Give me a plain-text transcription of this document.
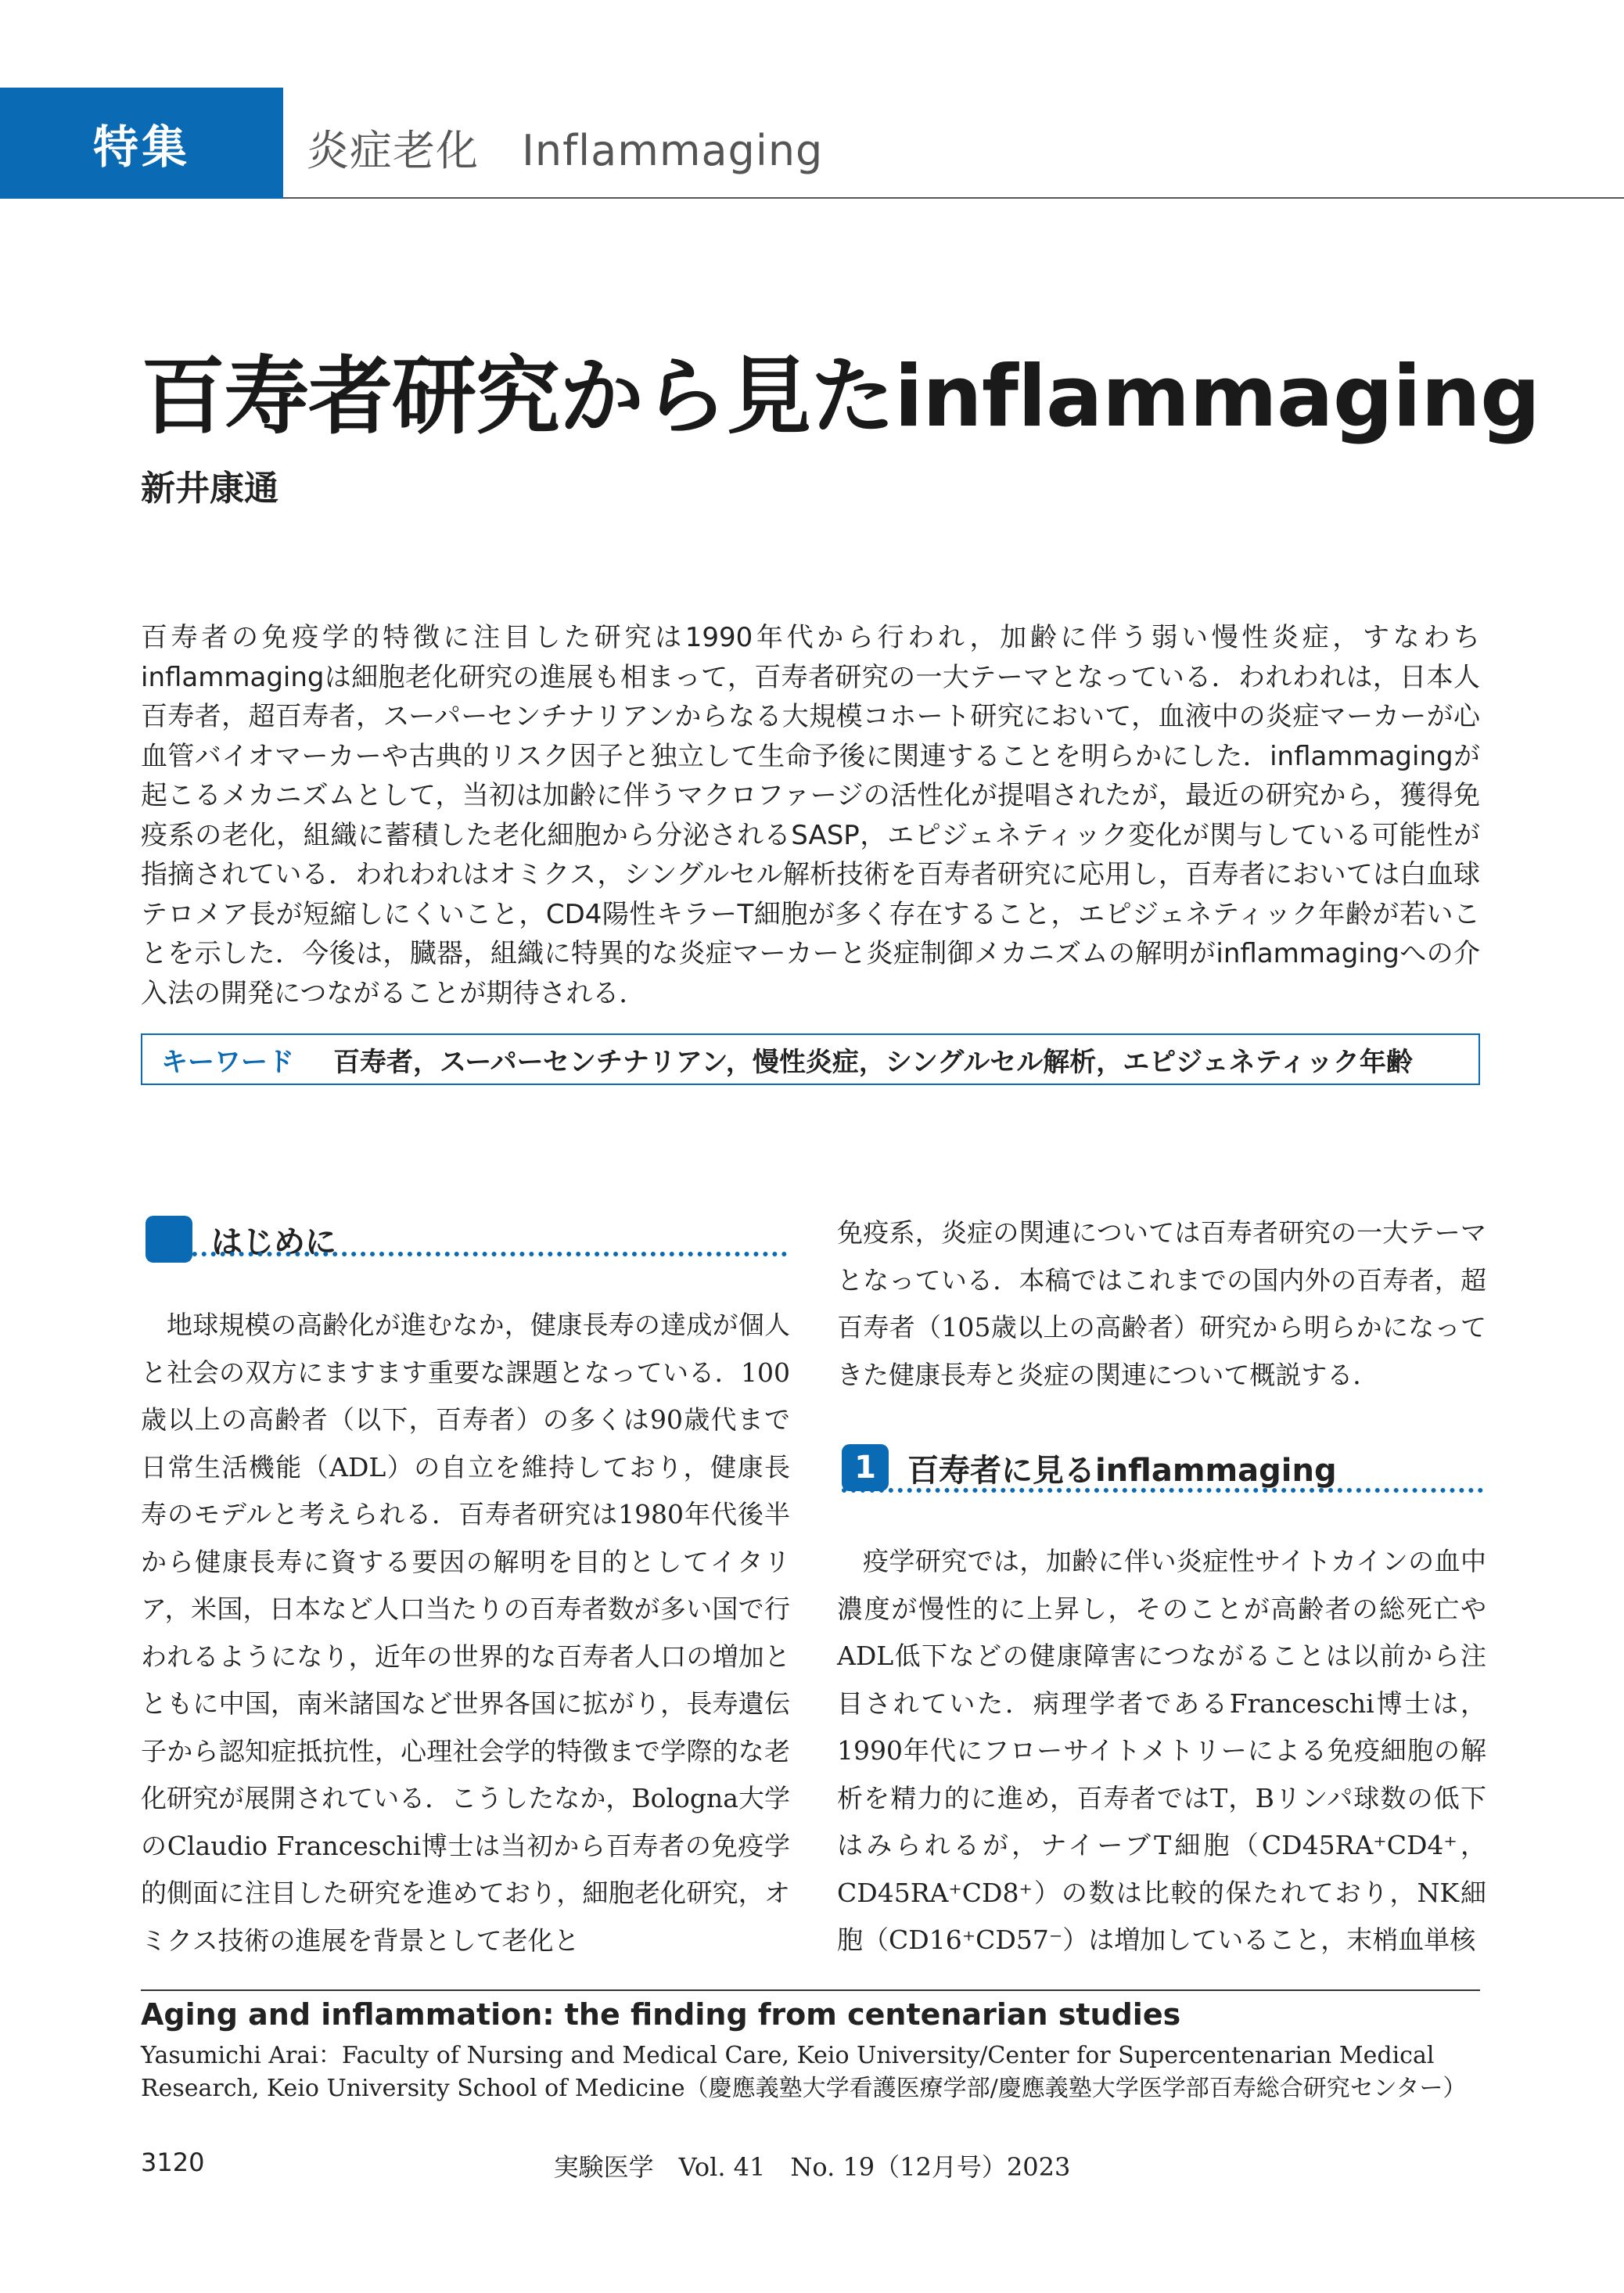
特集	炎症老化　Inflammaging
百寿者研究から見たinflammaging
新井康通
百寿者の免疫学的特徴に注目した研究は1990年代から行われ，加齢に伴う弱い慢性炎症，すなわちinflammagingは細胞老化研究の進展も相まって，百寿者研究の一大テーマとなっている．われわれは，日本人百寿者，超百寿者，スーパーセンチナリアンからなる大規模コホート研究において，血液中の炎症マーカーが心血管バイオマーカーや古典的リスク因子と独立して生命予後に関連することを明らかにした．inflammagingが起こるメカニズムとして，当初は加齢に伴うマクロファージの活性化が提唱されたが，最近の研究から，獲得免疫系の老化，組織に蓄積した老化細胞から分泌されるSASP，エピジェネティック変化が関与している可能性が指摘されている．われわれはオミクス，シングルセル解析技術を百寿者研究に応用し，百寿者においては白血球テロメア長が短縮しにくいこと，CD4陽性キラーT細胞が多く存在すること，エピジェネティック年齢が若いことを示した．今後は，臓器，組織に特異的な炎症マーカーと炎症制御メカニズムの解明がinflammagingへの介入法の開発につながることが期待される．
キーワード	百寿者，スーパーセンチナリアン，慢性炎症，シングルセル解析，エピジェネティック年齢
はじめに

地球規模の高齢化が進むなか，健康長寿の達成が個人と社会の双方にますます重要な課題となっている．100歳以上の高齢者（以下，百寿者）の多くは90歳代まで日常生活機能（ADL）の自立を維持しており，健康長寿のモデルと考えられる．百寿者研究は1980年代後半から健康長寿に資する要因の解明を目的としてイタリア，米国，日本など人口当たりの百寿者数が多い国で行われるようになり，近年の世界的な百寿者人口の増加とともに中国，南米諸国など世界各国に拡がり，長寿遺伝子から認知症抵抗性，心理社会学的特徴まで学際的な老化研究が展開されている．こうしたなか，Bologna大学のClaudio Franceschi博士は当初から百寿者の免疫学的側面に注目した研究を進めており，細胞老化研究，オミクス技術の進展を背景として老化と

免疫系，炎症の関連については百寿者研究の一大テーマとなっている．本稿ではこれまでの国内外の百寿者，超百寿者（105歳以上の高齢者）研究から明らかになってきた健康長寿と炎症の関連について概説する．

1	百寿者に見るinflammaging

疫学研究では，加齢に伴い炎症性サイトカインの血中濃度が慢性的に上昇し，そのことが高齢者の総死亡やADL低下などの健康障害につながることは以前から注目されていた．病理学者であるFranceschi博士は，1990年代にフローサイトメトリーによる免疫細胞の解析を精力的に進め，百寿者ではT，Bリンパ球数の低下はみられるが，ナイーブT細胞（CD45RA⁺CD4⁺，CD45RA⁺CD8⁺）の数は比較的保たれており，NK細胞（CD16⁺CD57⁻）は増加していること，末梢血単核

Aging and inflammation: the finding from centenarian studies
Yasumichi Arai：Faculty of Nursing and Medical Care, Keio University/Center for Supercentenarian Medical Research, Keio University School of Medicine（慶應義塾大学看護医療学部/慶應義塾大学医学部百寿総合研究センター）
3120	実験医学　Vol. 41　No. 19（12月号）2023
